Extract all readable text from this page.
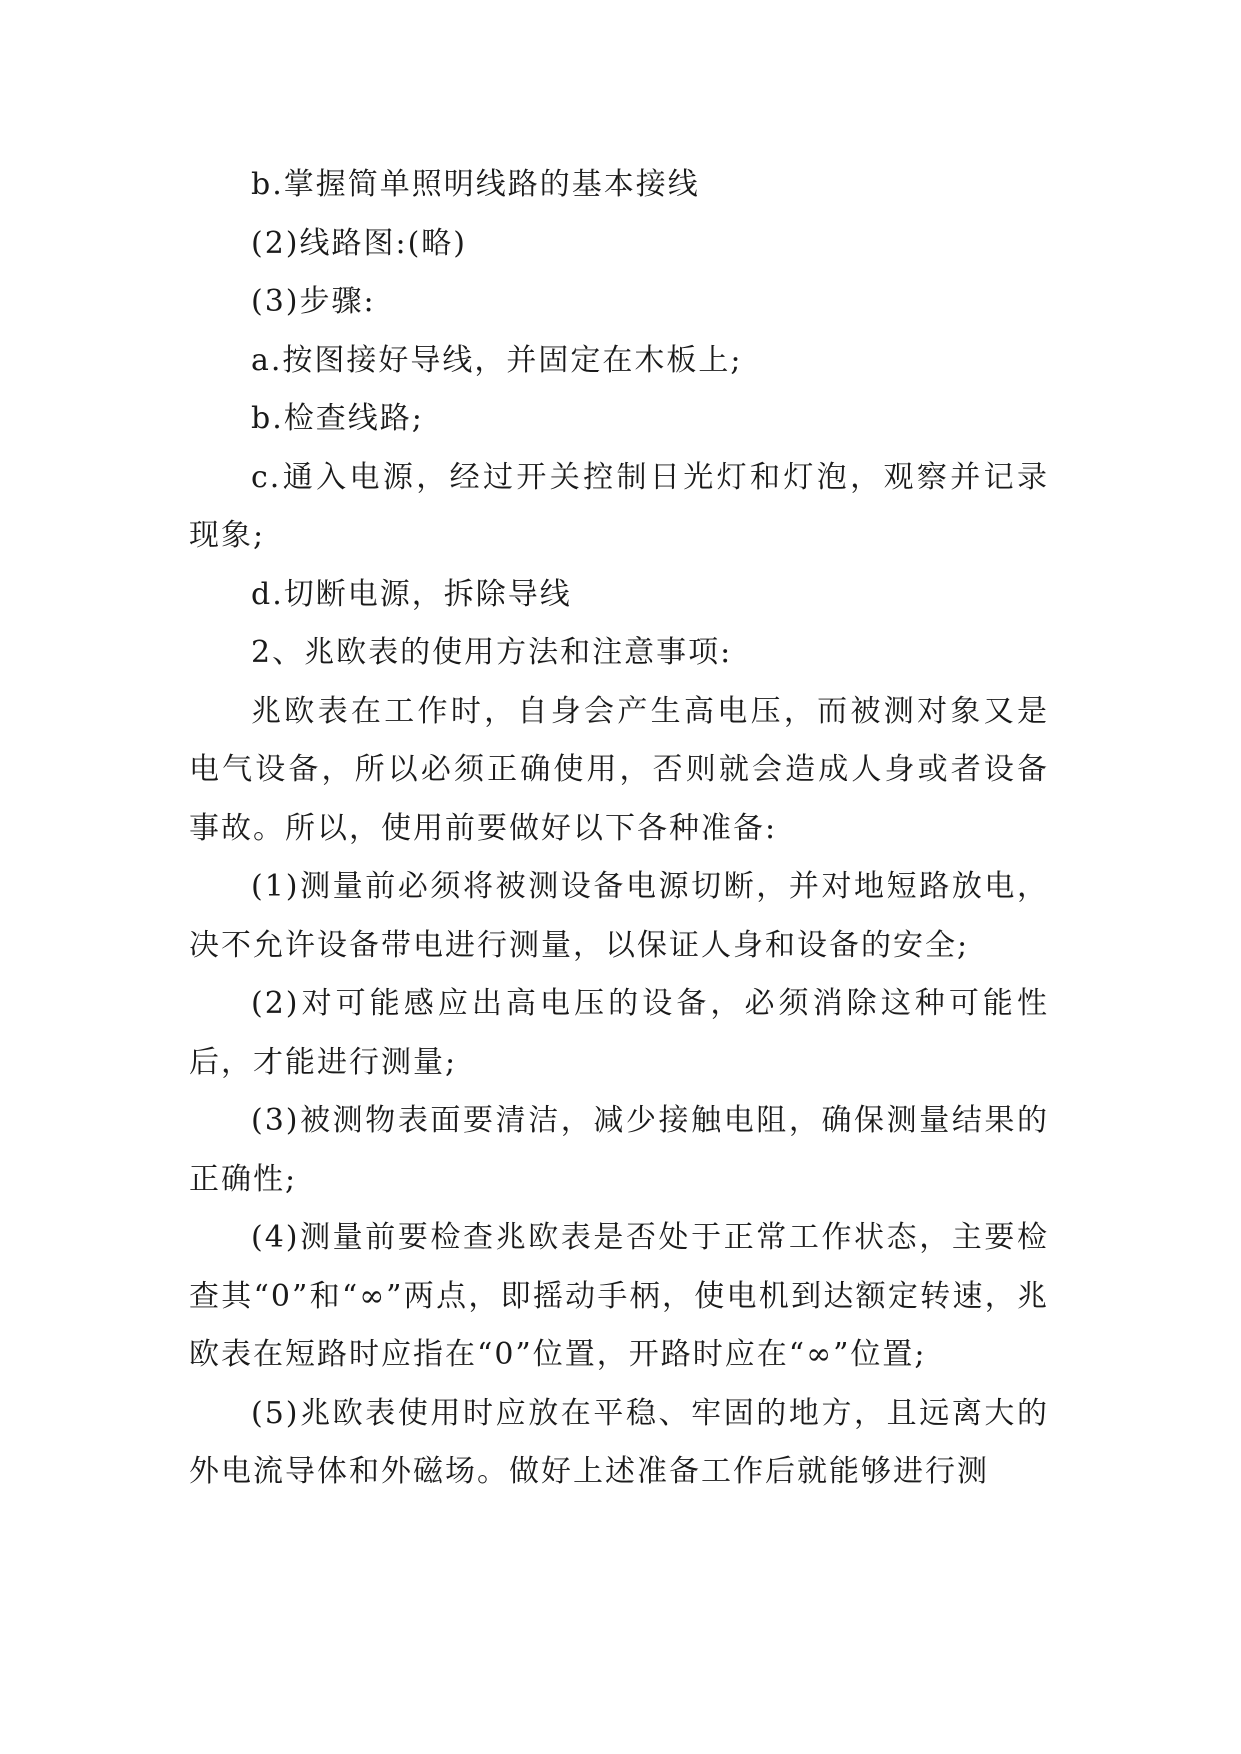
b.掌握简单照明线路的基本接线

(2)线路图:(略)

(3)步骤:

a.按图接好导线，并固定在木板上;

b.检查线路;

c.通入电源，经过开关控制日光灯和灯泡，观察并记录现象;

d.切断电源，拆除导线

2、兆欧表的使用方法和注意事项:

兆欧表在工作时，自身会产生高电压，而被测对象又是电气设备，所以必须正确使用，否则就会造成人身或者设备事故。所以，使用前要做好以下各种准备:

(1)测量前必须将被测设备电源切断，并对地短路放电，决不允许设备带电进行测量，以保证人身和设备的安全;

(2)对可能感应出高电压的设备，必须消除这种可能性后，才能进行测量;

(3)被测物表面要清洁，减少接触电阻，确保测量结果的正确性;

(4)测量前要检查兆欧表是否处于正常工作状态，主要检查其“0”和“∞”两点，即摇动手柄，使电机到达额定转速，兆欧表在短路时应指在“0”位置，开路时应在“∞”位置;

(5)兆欧表使用时应放在平稳、牢固的地方，且远离大的外电流导体和外磁场。做好上述准备工作后就能够进行测
